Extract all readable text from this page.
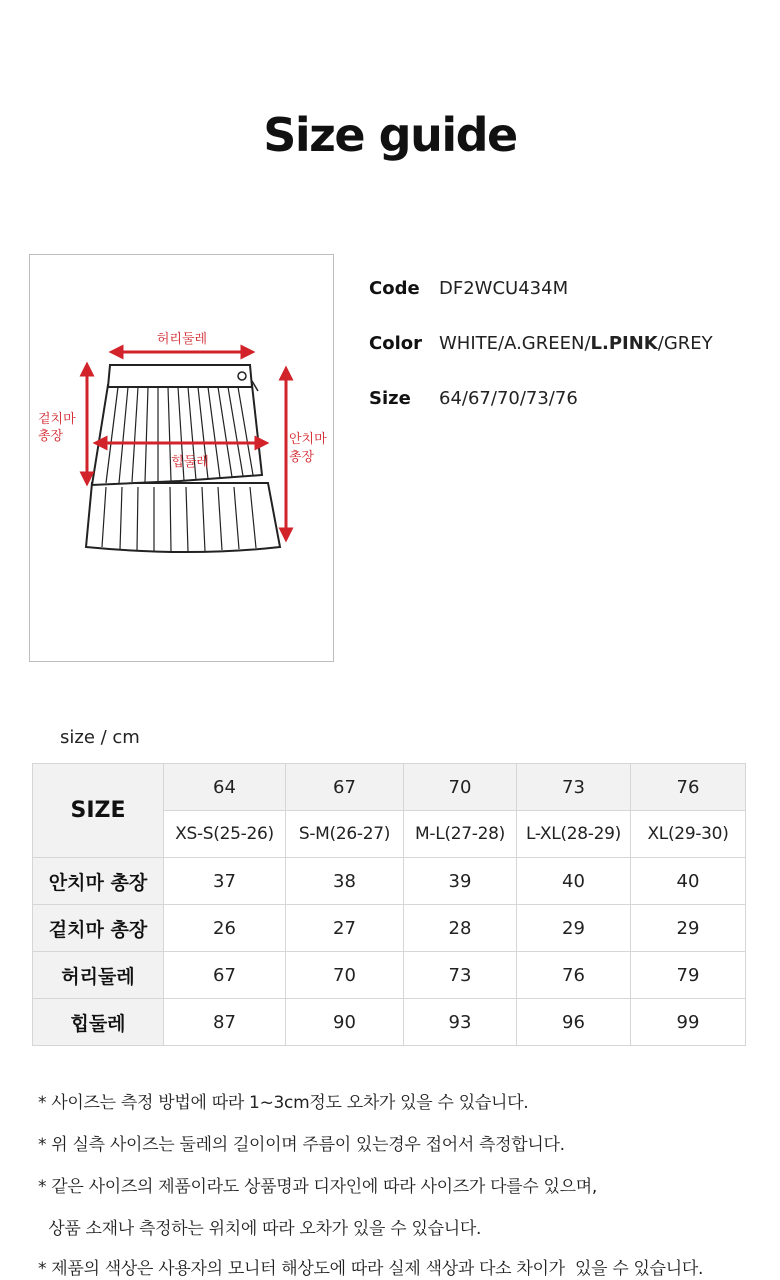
Size guide
허리둘레
힙둘레
겉치마
총장	안치마
총장
Code DF2WCU434M
Color WHITE/A.GREEN/L.PINK/GREY
Size 64/67/70/73/76
size / cm
SIZE	64	67	70	73	76
	XS-S(25-26)	S-M(26-27)	M-L(27-28)	L-XL(28-29)	XL(29-30)
안치마 총장	37	38	39	40	40
겉치마 총장	26	27	28	29	29
허리둘레	67	70	73	76	79
힙둘레	87	90	93	96	99
* 사이즈는 측정 방법에 따라 1~3cm정도 오차가 있을 수 있습니다.
* 위 실측 사이즈는 둘레의 길이이며 주름이 있는경우 접어서 측정합니다.
* 같은 사이즈의 제품이라도 상품명과 디자인에 따라 사이즈가 다를수 있으며,
상품 소재나 측정하는 위치에 따라 오차가 있을 수 있습니다.
* 제품의 색상은 사용자의 모니터 해상도에 따라 실제 색상과 다소 차이가  있을 수 있습니다.
